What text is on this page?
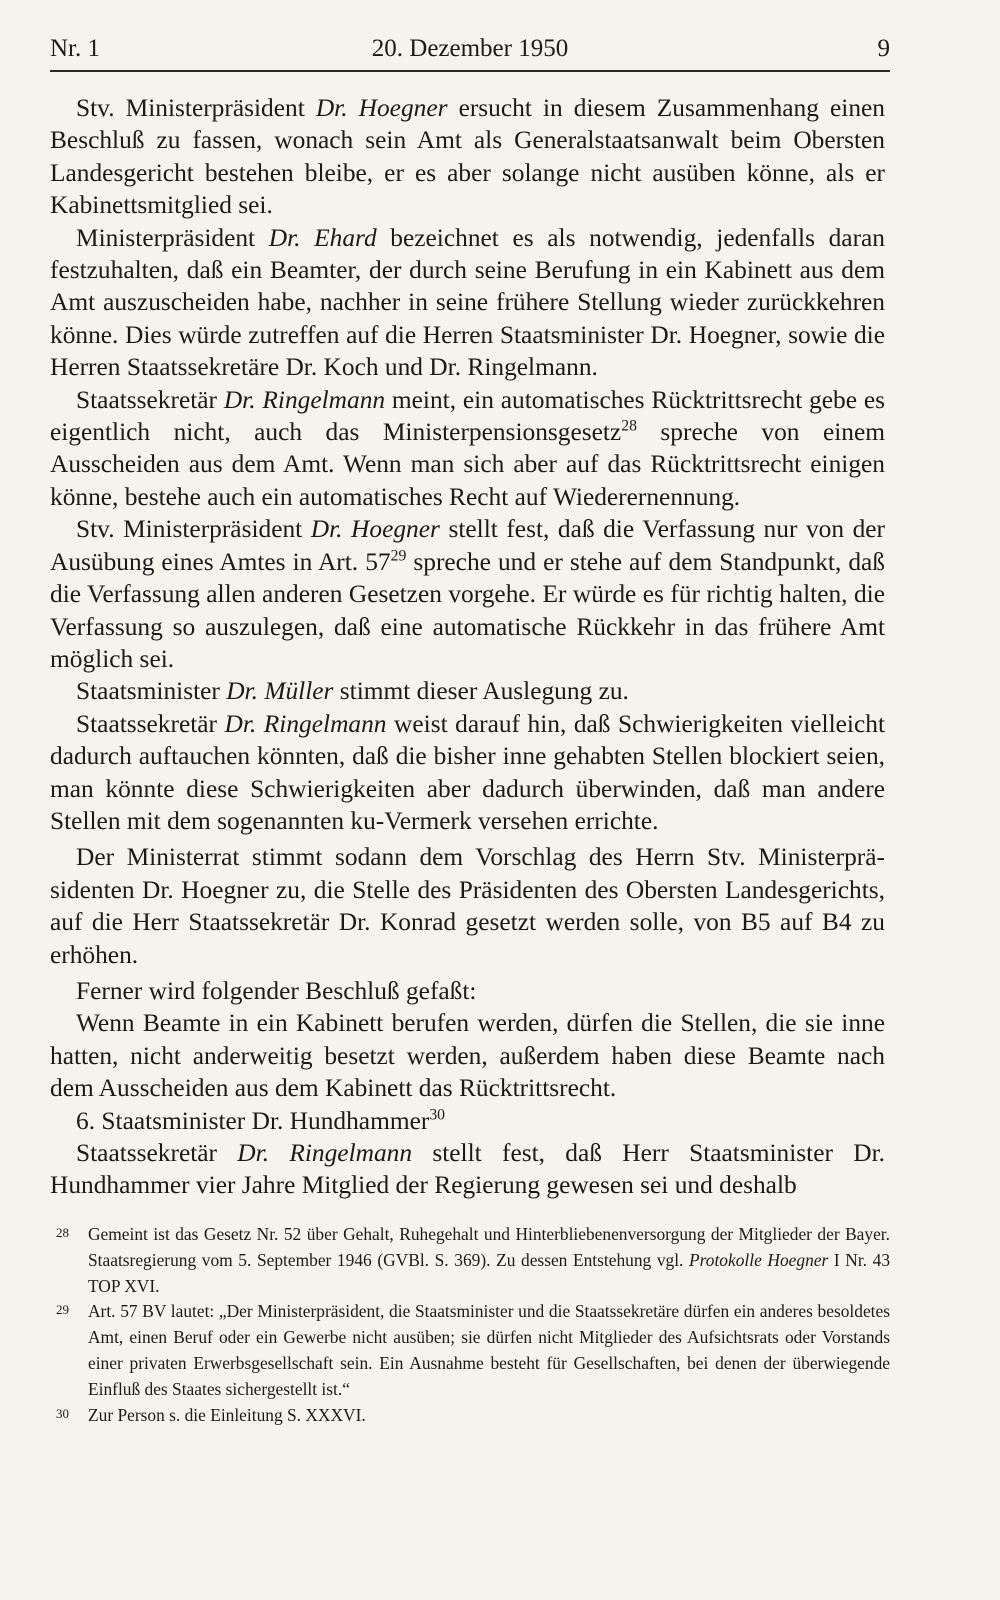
Nr. 1	20. Dezember 1950	9

Stv. Ministerpräsident Dr. Hoegner ersucht in diesem Zusammenhang einen Beschluß zu fassen, wonach sein Amt als Generalstaatsanwalt beim Obersten Landesgericht bestehen bleibe, er es aber solange nicht ausüben könne, als er Kabinettsmitglied sei.

Ministerpräsident Dr. Ehard bezeichnet es als notwendig, jedenfalls daran festzuhalten, daß ein Beamter, der durch seine Berufung in ein Kabinett aus dem Amt auszuscheiden habe, nachher in seine frühere Stellung wieder zurückkehren könne. Dies würde zutreffen auf die Herren Staatsminister Dr. Hoegner, sowie die Herren Staatssekretäre Dr. Koch und Dr. Ringelmann.

Staatssekretär Dr. Ringelmann meint, ein automatisches Rücktrittsrecht gebe es eigentlich nicht, auch das Ministerpensionsgesetz$^{28}$ spreche von einem Ausscheiden aus dem Amt. Wenn man sich aber auf das Rücktrittsrecht einigen könne, bestehe auch ein automatisches Recht auf Wiederernennung.

Stv. Ministerpräsident Dr. Hoegner stellt fest, daß die Verfassung nur von der Ausübung eines Amtes in Art. $57^{29}$ spreche und er stehe auf dem Standpunkt, daß die Verfassung allen anderen Gesetzen vorgehe. Er würde es für richtig halten, die Verfassung so auszulegen, daß eine automatische Rückkehr in das frühere Amt möglich sei.

Staatsminister Dr. Müller stimmt dieser Auslegung zu.

Staatssekretär Dr. Ringelmann weist darauf hin, daß Schwierigkeiten vielleicht dadurch auftauchen könnten, daß die bisher inne gehabten Stellen blockiert seien, man könnte diese Schwierigkeiten aber dadurch überwinden, daß man andere Stellen mit dem sogenannten ku-Vermerk versehen errichte.

Der Ministerrat stimmt sodann dem Vorschlag des Herrn Stv. Ministerpräsidenten Dr. Hoegner zu, die Stelle des Präsidenten des Obersten Landesgerichts, auf die Herr Staatssekretär Dr. Konrad gesetzt werden solle, von B5 auf B4 zu erhöhen.

Ferner wird folgender Beschluß gefaßt:

Wenn Beamte in ein Kabinett berufen werden, dürfen die Stellen, die sie inne hatten, nicht anderweitig besetzt werden, außerdem haben diese Beamte nach dem Ausscheiden aus dem Kabinett das Rücktrittsrecht.

6. Staatsminister Dr. Hundhammer$^{30}$

Staatssekretär Dr. Ringelmann stellt fest, daß Herr Staatsminister Dr. Hundhammer vier Jahre Mitglied der Regierung gewesen sei und deshalb

28 Gemeint ist das Gesetz Nr. 52 über Gehalt, Ruhegehalt und Hinterbliebenenversorgung der Mitglieder der Bayer. Staatsregierung vom 5. September 1946 (GVBl. S. 369). Zu dessen Entstehung vgl. Protokolle Hoegner I Nr. 43 TOP XVI.
29 Art. 57 BV lautet: „Der Ministerpräsident, die Staatsminister und die Staatssekretäre dürfen ein anderes besoldetes Amt, einen Beruf oder ein Gewerbe nicht ausüben; sie dürfen nicht Mitglieder des Aufsichtsrats oder Vorstands einer privaten Erwerbsgesellschaft sein. Ein Ausnahme besteht für Gesellschaften, bei denen der überwiegende Einfluß des Staates sichergestellt ist.“
30 Zur Person s. die Einleitung S. XXXVI.
